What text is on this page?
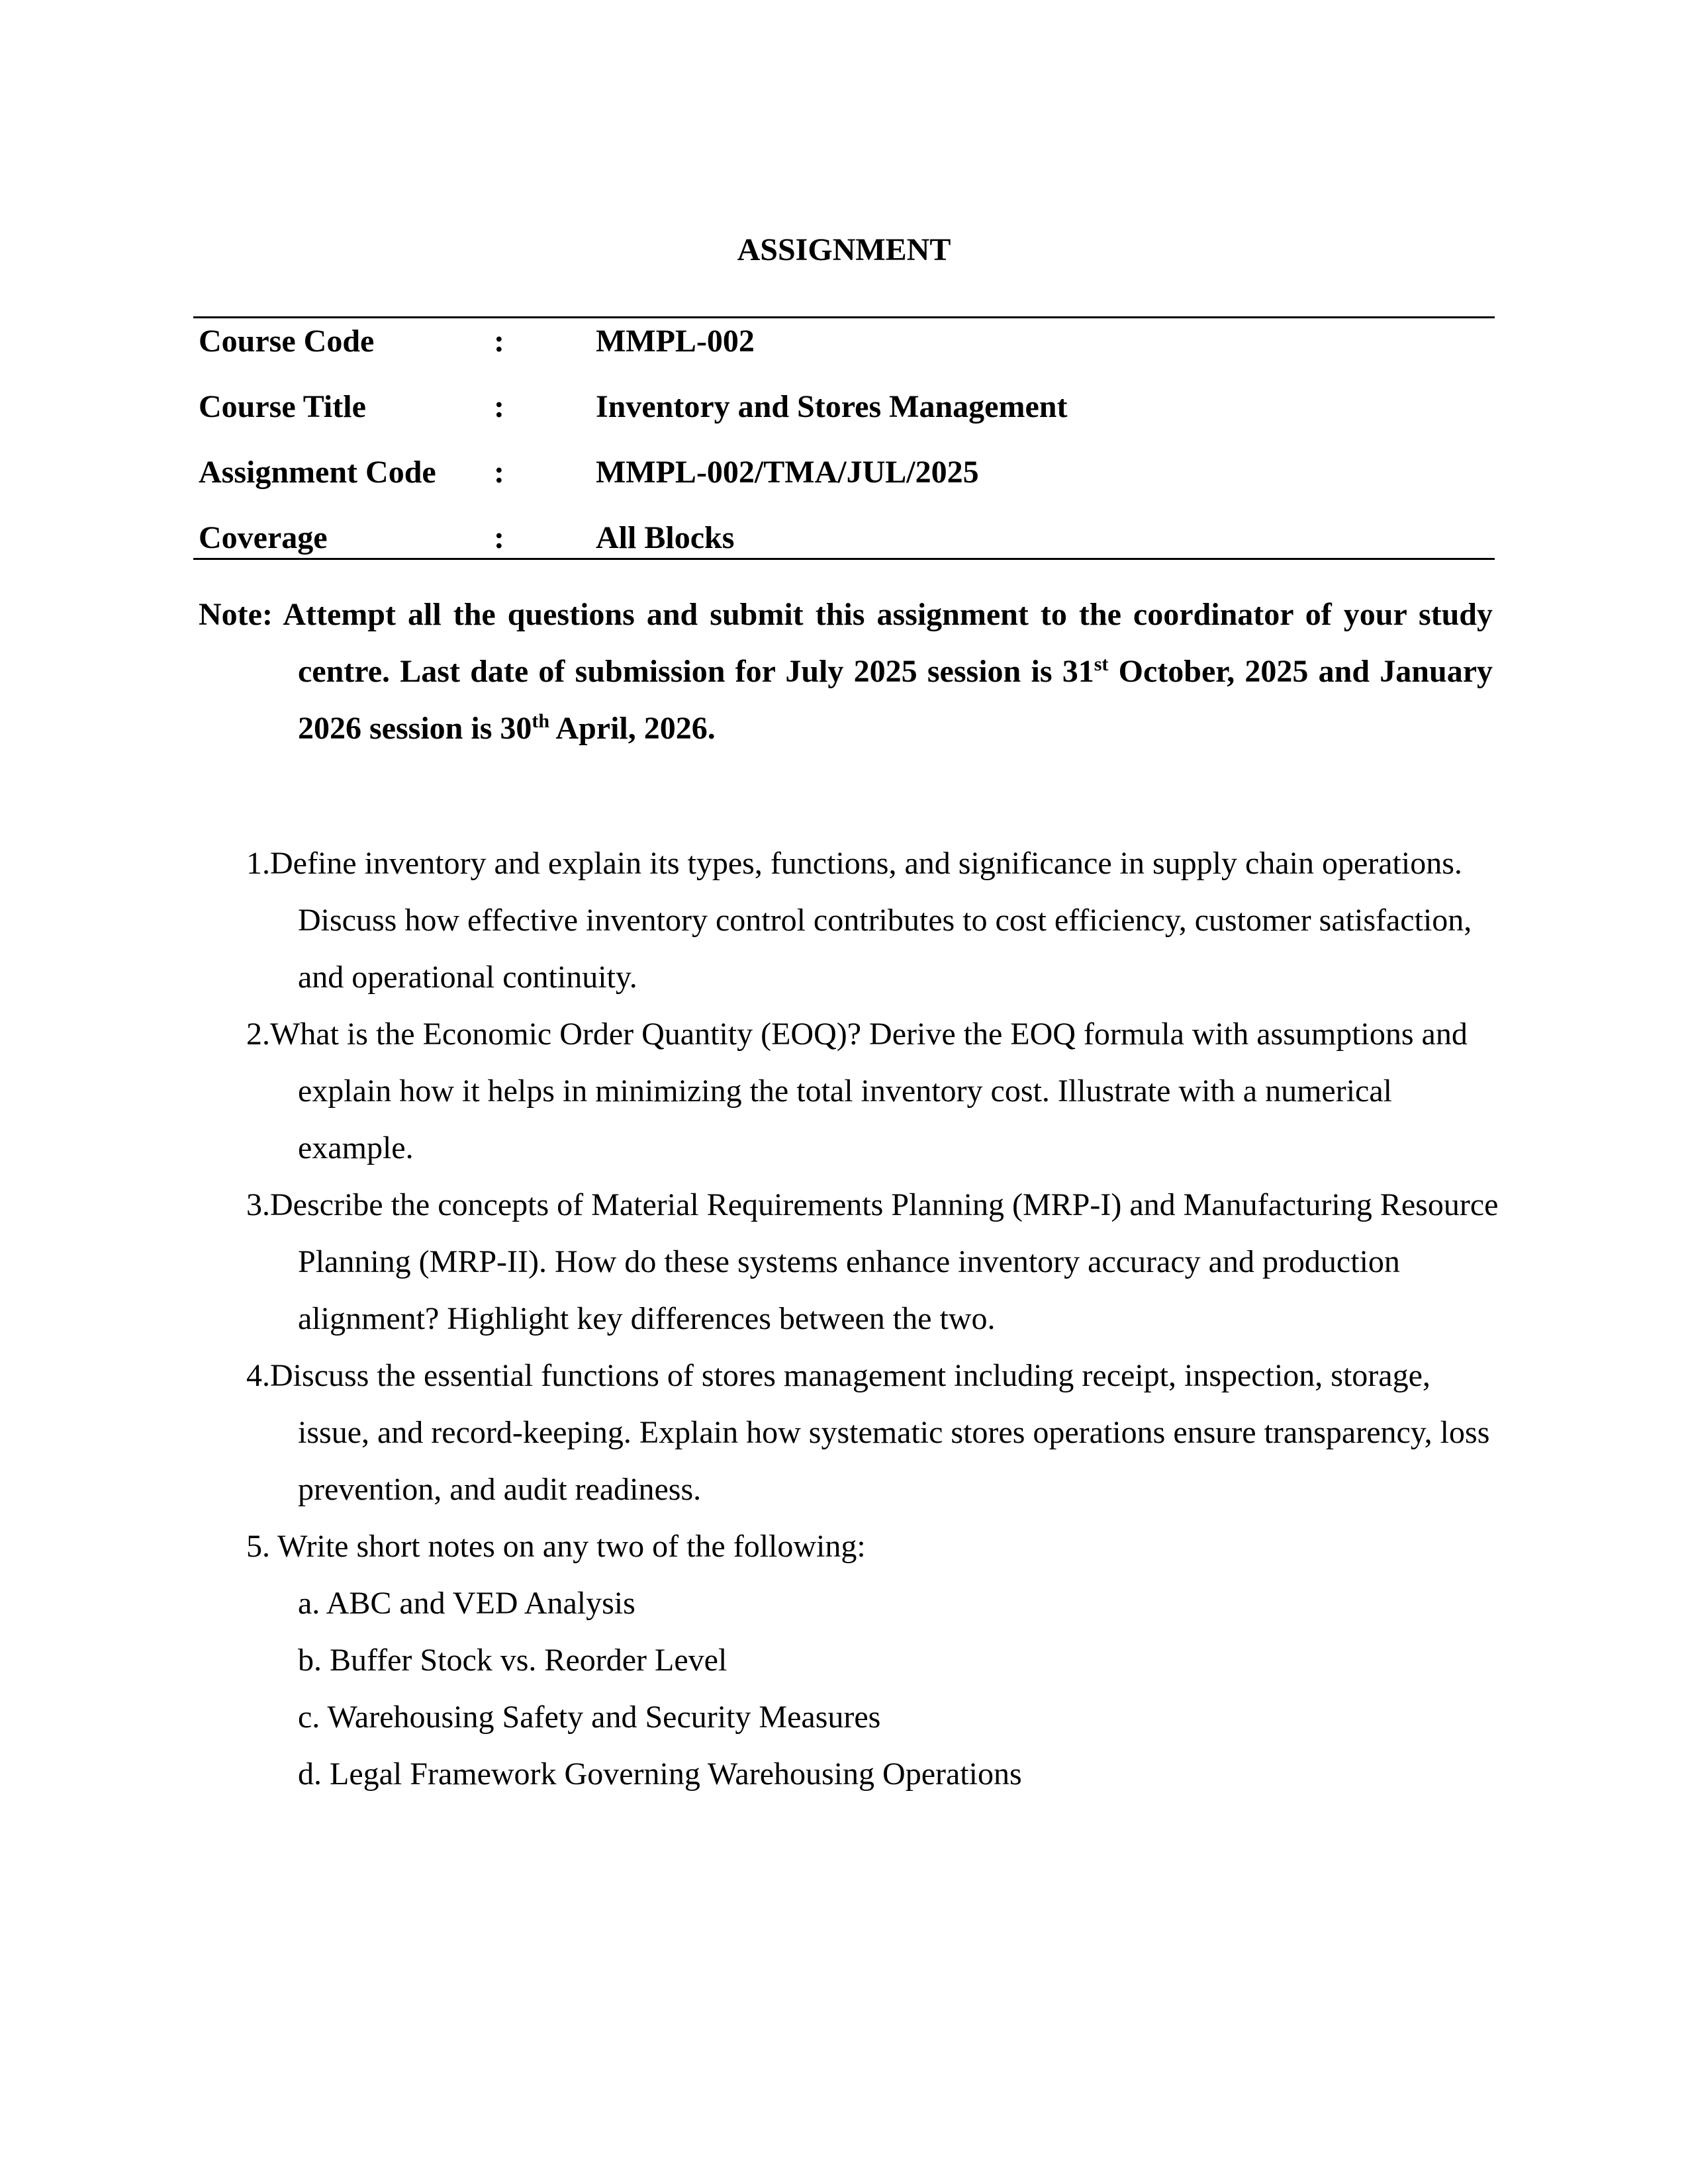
ASSIGNMENT
Course Code	:	MMPL-002
Course Title	:	Inventory and Stores Management
Assignment Code :	MMPL-002/TMA/JUL/2025
Coverage	:	All Blocks
Note: Attempt all the questions and submit this assignment to the coordinator of your study centre. Last date of submission for July 2025 session is 31st October, 2025 and January 2026 session is 30th April, 2026.
1.Define inventory and explain its types, functions, and significance in supply chain operations. Discuss how effective inventory control contributes to cost efficiency, customer satisfaction, and operational continuity.
2.What is the Economic Order Quantity (EOQ)? Derive the EOQ formula with assumptions and explain how it helps in minimizing the total inventory cost. Illustrate with a numerical example.
3.Describe the concepts of Material Requirements Planning (MRP-I) and Manufacturing Resource Planning (MRP-II). How do these systems enhance inventory accuracy and production alignment? Highlight key differences between the two.
4.Discuss the essential functions of stores management including receipt, inspection, storage, issue, and record-keeping. Explain how systematic stores operations ensure transparency, loss prevention, and audit readiness.
5. Write short notes on any two of the following:
a. ABC and VED Analysis
b. Buffer Stock vs. Reorder Level
c. Warehousing Safety and Security Measures
d. Legal Framework Governing Warehousing Operations
